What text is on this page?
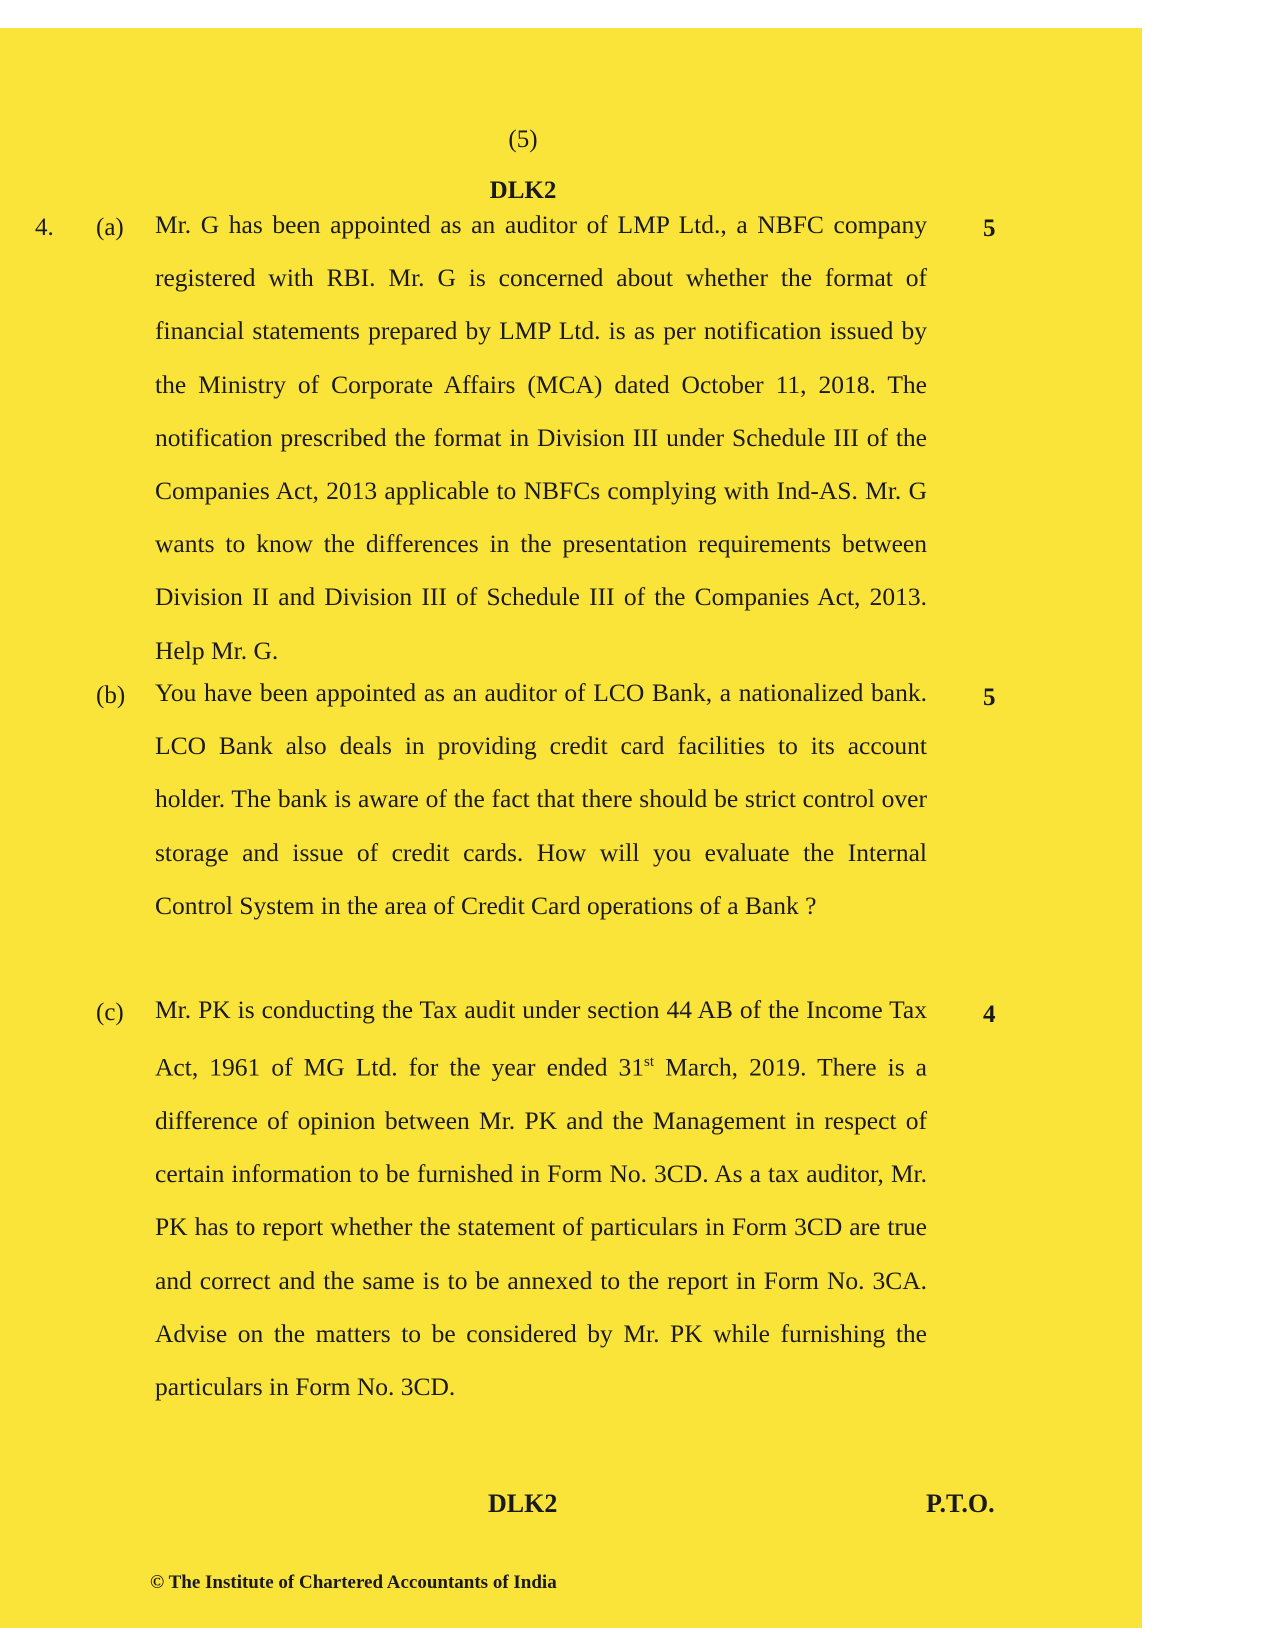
(5)
DLK2
4. (a)	5

Mr. G has been appointed as an auditor of LMP Ltd., a NBFC company registered with RBI. Mr. G is concerned about whether the format of financial statements prepared by LMP Ltd. is as per notification issued by the Ministry of Corporate Affairs (MCA) dated October 11, 2018. The notification prescribed the format in Division III under Schedule III of the Companies Act, 2013 applicable to NBFCs complying with Ind-AS. Mr. G wants to know the differences in the presentation requirements between Division II and Division III of Schedule III of the Companies Act, 2013. Help Mr. G.

(b)	5

You have been appointed as an auditor of LCO Bank, a nationalized bank. LCO Bank also deals in providing credit card facilities to its account holder. The bank is aware of the fact that there should be strict control over storage and issue of credit cards. How will you evaluate the Internal Control System in the area of Credit Card operations of a Bank ?

(c)	4

Mr. PK is conducting the Tax audit under section 44 AB of the Income Tax Act, 1961 of MG Ltd. for the year ended 31st March, 2019. There is a difference of opinion between Mr. PK and the Management in respect of certain information to be furnished in Form No. 3CD. As a tax auditor, Mr. PK has to report whether the statement of particulars in Form 3CD are true and correct and the same is to be annexed to the report in Form No. 3CA. Advise on the matters to be considered by Mr. PK while furnishing the particulars in Form No. 3CD.

DLK2	P.T.O.
© The Institute of Chartered Accountants of India
